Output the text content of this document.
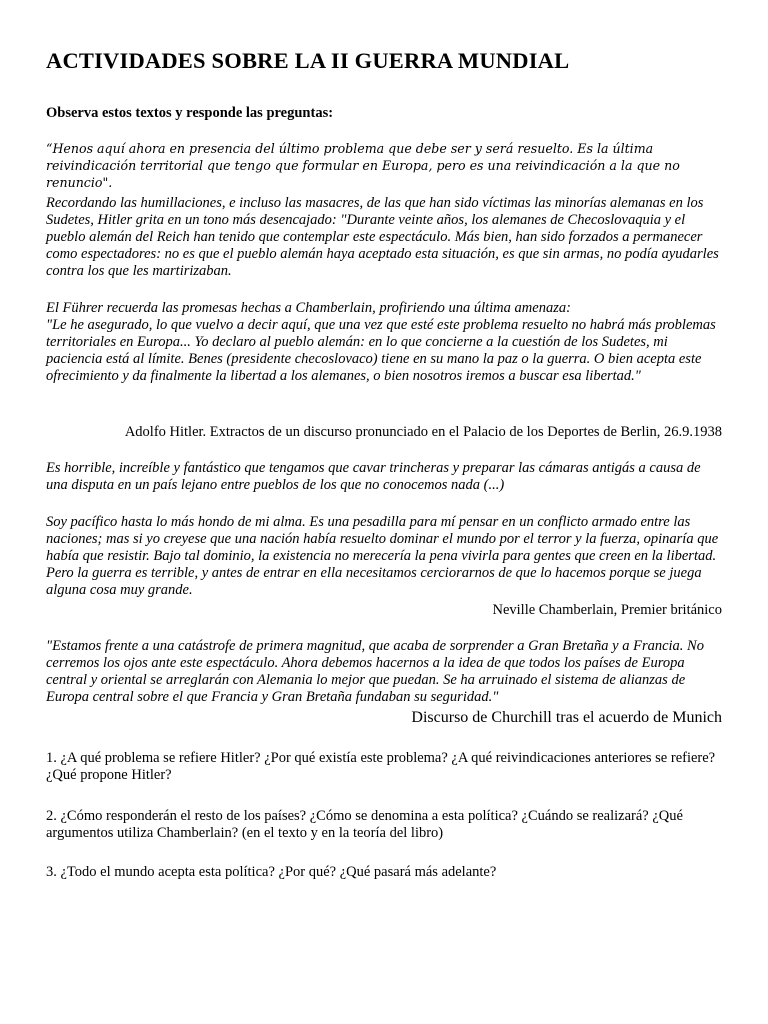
ACTIVIDADES SOBRE LA II GUERRA MUNDIAL

Observa estos textos y responde las preguntas:

“Henos aquí ahora en presencia del último problema que debe ser y será resuelto. Es la última reivindicación territorial que tengo que formular en Europa, pero es una reivindicación a la que no renuncio".

Recordando las humillaciones, e incluso las masacres, de las que han sido víctimas las minorías alemanas en los Sudetes, Hitler grita en un tono más desencajado: "Durante veinte años, los alemanes de Checoslovaquia y el pueblo alemán del Reich han tenido que contemplar este espectáculo. Más bien, han sido forzados a permanecer como espectadores: no es que el pueblo alemán haya aceptado esta situación, es que sin armas, no podía ayudarles contra los que les martirizaban.

El Führer recuerda las promesas hechas a Chamberlain, profiriendo una última amenaza:
"Le he asegurado, lo que vuelvo a decir aquí, que una vez que esté este problema resuelto no habrá más problemas territoriales en Europa... Yo declaro al pueblo alemán: en lo que concierne a la cuestión de los Sudetes, mi paciencia está al límite. Benes (presidente checoslovaco) tiene en su mano la paz o la guerra. O bien acepta este ofrecimiento y da finalmente la libertad a los alemanes, o bien nosotros iremos a buscar esa libertad."

Adolfo Hitler. Extractos de un discurso pronunciado en el Palacio de los Deportes de Berlin, 26.9.1938

Es horrible, increíble y fantástico que tengamos que cavar trincheras y preparar las cámaras antigás a causa de una disputa en un país lejano entre pueblos de los que no conocemos nada (...)

Soy pacífico hasta lo más hondo de mi alma. Es una pesadilla para mí pensar en un conflicto armado entre las naciones; mas si yo creyese que una nación había resuelto dominar el mundo por el terror y la fuerza, opinaría que había que resistir. Bajo tal dominio, la existencia no merecería la pena vivirla para gentes que creen en la libertad. Pero la guerra es terrible, y antes de entrar en ella necesitamos cerciorarnos de que lo hacemos porque se juega alguna cosa muy grande.

Neville Chamberlain, Premier británico

"Estamos frente a una catástrofe de primera magnitud, que acaba de sorprender a Gran Bretaña y a Francia. No cerremos los ojos ante este espectáculo. Ahora debemos hacernos a la idea de que todos los países de Europa central y oriental se arreglarán con Alemania lo mejor que puedan. Se ha arruinado el sistema de alianzas de Europa central sobre el que Francia y Gran Bretaña fundaban su seguridad."

Discurso de Churchill tras el acuerdo de Munich

1. ¿A qué problema se refiere Hitler? ¿Por qué existía este problema? ¿A qué reivindicaciones anteriores se refiere? ¿Qué propone Hitler?

2. ¿Cómo responderán el resto de los países? ¿Cómo se denomina a esta política? ¿Cuándo se realizará? ¿Qué argumentos utiliza Chamberlain? (en el texto y en la teoría del libro)

3. ¿Todo el mundo acepta esta política? ¿Por qué? ¿Qué pasará más adelante?
